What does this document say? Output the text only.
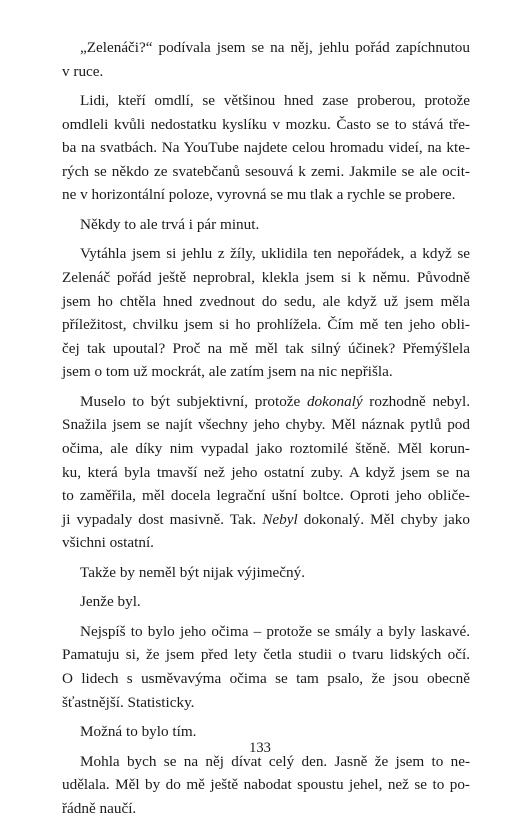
„Zelenáči?“ podívala jsem se na něj, jehlu pořád zapíchnutou
v ruce.
Lidi, kteří omdlí, se většinou hned zase proberou, protože
omdleli kvůli nedostatku kyslíku v mozku. Často se to stává tře-
ba na svatbách. Na YouTube najdete celou hromadu videí, na kte-
rých se někdo ze svatebčanů sesouvá k zemi. Jakmile se ale ocit-
ne v horizontální poloze, vyrovná se mu tlak a rychle se probere.
Někdy to ale trvá i pár minut.
Vytáhla jsem si jehlu z žíly, uklidila ten nepořádek, a když se
Zelenáč pořád ještě neprobral, klekla jsem si k němu. Původně
jsem ho chtěla hned zvednout do sedu, ale když už jsem měla
příležitost, chvilku jsem si ho prohlížela. Čím mě ten jeho obli-
čej tak upoutal? Proč na mě měl tak silný účinek? Přemýšlela
jsem o tom už mockrát, ale zatím jsem na nic nepřišla.
Muselo to být subjektivní, protože dokonalý rozhodně nebyl.
Snažila jsem se najít všechny jeho chyby. Měl náznak pytlů pod
očima, ale díky nim vypadal jako roztomilé štěně. Měl korun-
ku, která byla tmavší než jeho ostatní zuby. A když jsem se na
to zaměřila, měl docela legrační ušní boltce. Oproti jeho obliče-
ji vypadaly dost masivně. Tak. Nebyl dokonalý. Měl chyby jako
všichni ostatní.
Takže by neměl být nijak výjimečný.
Jenže byl.
Nejspíš to bylo jeho očima – protože se smály a byly laskavé.
Pamatuju si, že jsem před lety četla studii o tvaru lidských očí.
O lidech s usměvavýma očima se tam psalo, že jsou obecně
šťastnější. Statisticky.
Možná to bylo tím.
Mohla bych se na něj dívat celý den. Jasně že jsem to ne-
udělala. Měl by do mě ještě nabodat spoustu jehel, než se to po-
řádně naučí.
133
